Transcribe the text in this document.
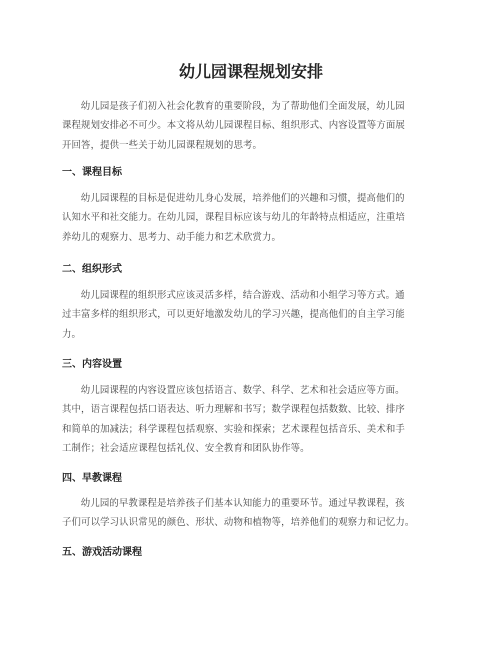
幼儿园课程规划安排

幼儿园是孩子们初入社会化教育的重要阶段，为了帮助他们全面发展，幼儿园
课程规划安排必不可少。本文将从幼儿园课程目标、组织形式、内容设置等方面展
开回答，提供一些关于幼儿园课程规划的思考。

一、课程目标

幼儿园课程的目标是促进幼儿身心发展，培养他们的兴趣和习惯，提高他们的
认知水平和社交能力。在幼儿园，课程目标应该与幼儿的年龄特点相适应，注重培
养幼儿的观察力、思考力、动手能力和艺术欣赏力。

二、组织形式

幼儿园课程的组织形式应该灵活多样，结合游戏、活动和小组学习等方式。通
过丰富多样的组织形式，可以更好地激发幼儿的学习兴趣，提高他们的自主学习能
力。

三、内容设置

幼儿园课程的内容设置应该包括语言、数学、科学、艺术和社会适应等方面。
其中，语言课程包括口语表达、听力理解和书写；数学课程包括数数、比较、排序
和简单的加减法；科学课程包括观察、实验和探索；艺术课程包括音乐、美术和手
工制作；社会适应课程包括礼仪、安全教育和团队协作等。

四、早教课程

幼儿园的早教课程是培养孩子们基本认知能力的重要环节。通过早教课程，孩
子们可以学习认识常见的颜色、形状、动物和植物等，培养他们的观察力和记忆力。

五、游戏活动课程
